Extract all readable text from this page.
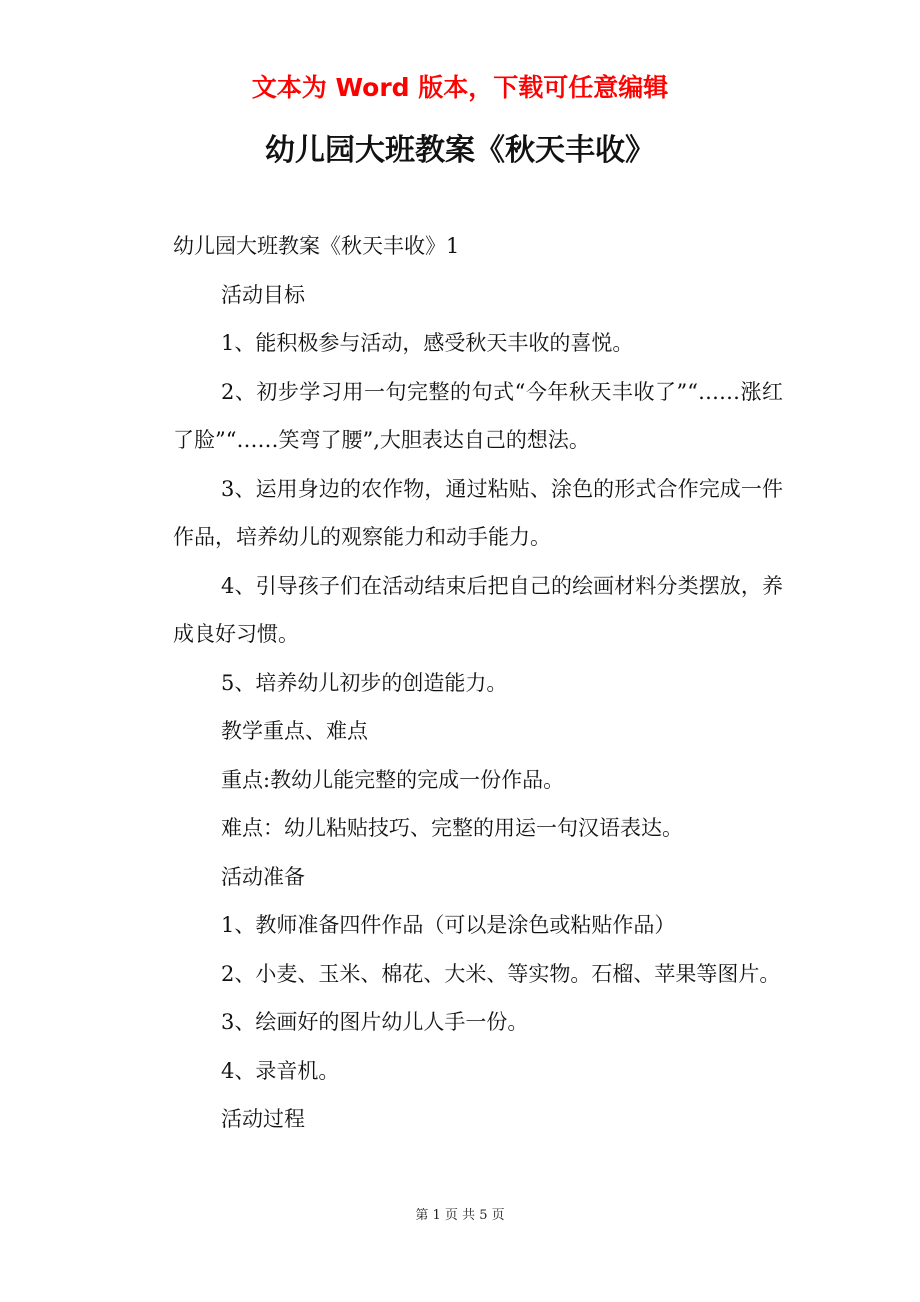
文本为 Word 版本，下载可任意编辑
幼儿园大班教案《秋天丰收》

幼儿园大班教案《秋天丰收》1

活动目标

1、能积极参与活动，感受秋天丰收的喜悦。

2、初步学习用一句完整的句式“今年秋天丰收了”“……涨红了脸”“……笑弯了腰”,大胆表达自己的想法。

3、运用身边的农作物，通过粘贴、涂色的形式合作完成一件作品，培养幼儿的观察能力和动手能力。

4、引导孩子们在活动结束后把自己的绘画材料分类摆放，养成良好习惯。

5、培养幼儿初步的创造能力。

教学重点、难点

重点:教幼儿能完整的完成一份作品。

难点：幼儿粘贴技巧、完整的用运一句汉语表达。

活动准备

1、教师准备四件作品（可以是涂色或粘贴作品）

2、小麦、玉米、棉花、大米、等实物。石榴、苹果等图片。

3、绘画好的图片幼儿人手一份。

4、录音机。

活动过程

第 1 页 共 5 页
